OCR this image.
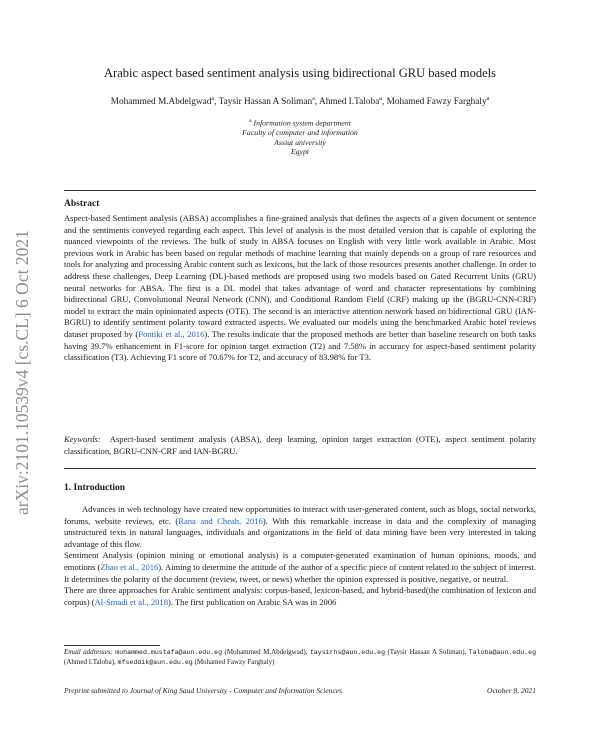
arXiv:2101.10539v4 [cs.CL] 6 Oct 2021
Arabic aspect based sentiment analysis using bidirectional GRU based models
Mohammed M.Abdelgwad$^a$, Taysir Hassan A Soliman$^a$, Ahmed I.Taloba$^a$, Mohamed Fawzy Farghaly$^a$
$^a$ Information system department
Faculty of computer and information
Assiut university
Egypt
Abstract

Aspect-based Sentiment analysis (ABSA) accomplishes a fine-grained analysis that defines the aspects of a given document or sentence and the sentiments conveyed regarding each aspect. This level of analysis is the most detailed version that is capable of exploring the nuanced viewpoints of the reviews. The bulk of study in ABSA focuses on English with very little work available in Arabic. Most previous work in Arabic has been based on regular methods of machine learning that mainly depends on a group of rare resources and tools for analyzing and processing Arabic content such as lexicons, but the lack of those resources presents another challenge. In order to address these challenges, Deep Learning (DL)-based methods are proposed using two models based on Gated Recurrent Units (GRU) neural networks for ABSA. The first is a DL model that takes advantage of word and character representations by combining bidirectional GRU, Convolutional Neural Network (CNN), and Conditional Random Field (CRF) making up the (BGRU-CNN-CRF) model to extract the main opinionated aspects (OTE). The second is an interactive attention network based on bidirectional GRU (IAN-BGRU) to identify sentiment polarity toward extracted aspects. We evaluated our models using the benchmarked Arabic hotel reviews dataset proposed by (Pontiki et al., 2016). The results indicate that the proposed methods are better than baseline research on both tasks having 39.7% enhancement in F1-score for opinion target extraction (T2) and 7.58% in accuracy for aspect-based sentiment polarity classification (T3). Achieving F1 score of 70.67% for T2, and accuracy of 83.98% for T3.

Keywords: Aspect-based sentiment analysis (ABSA), deep learning, opinion target extraction (OTE), aspect sentiment polarity classification, BGRU-CNN-CRF and IAN-BGRU.

1. Introduction

Advances in web technology have created new opportunities to interact with user-generated content, such as blogs, social networks, forums, website reviews, etc. (Rana and Cheah, 2016). With this remarkable increase in data and the complexity of managing unstructured texts in natural languages, individuals and organizations in the field of data mining have been very interested in taking advantage of this flow.

Sentiment Analysis (opinion mining or emotional analysis) is a computer-generated examination of human opinions, moods, and emotions (Zhao et al., 2016). Aiming to determine the attitude of the author of a specific piece of content related to the subject of interest. It determines the polarity of the document (review, tweet, or news) whether the opinion expressed is positive, negative, or neutral.

There are three approaches for Arabic sentiment analysis: corpus-based, lexicon-based, and hybrid-based(the combination of lexicon and corpus) (Al-Smadi et al., 2018). The first publication on Arabic SA was in 2006

Email addresses: mohammed.mustafa@aun.edu.eg (Mohammed M.Abdelgwad), taysirhs@aun.edu.eg (Taysir Hassan A Soliman), Taloba@aun.edu.eg (Ahmed I.Taloba), mfseddik@aun.edu.eg (Mohamed Fawzy Farghaly)
Preprint submitted to Journal of King Saud University - Computer and Information Sciences	October 8, 2021
